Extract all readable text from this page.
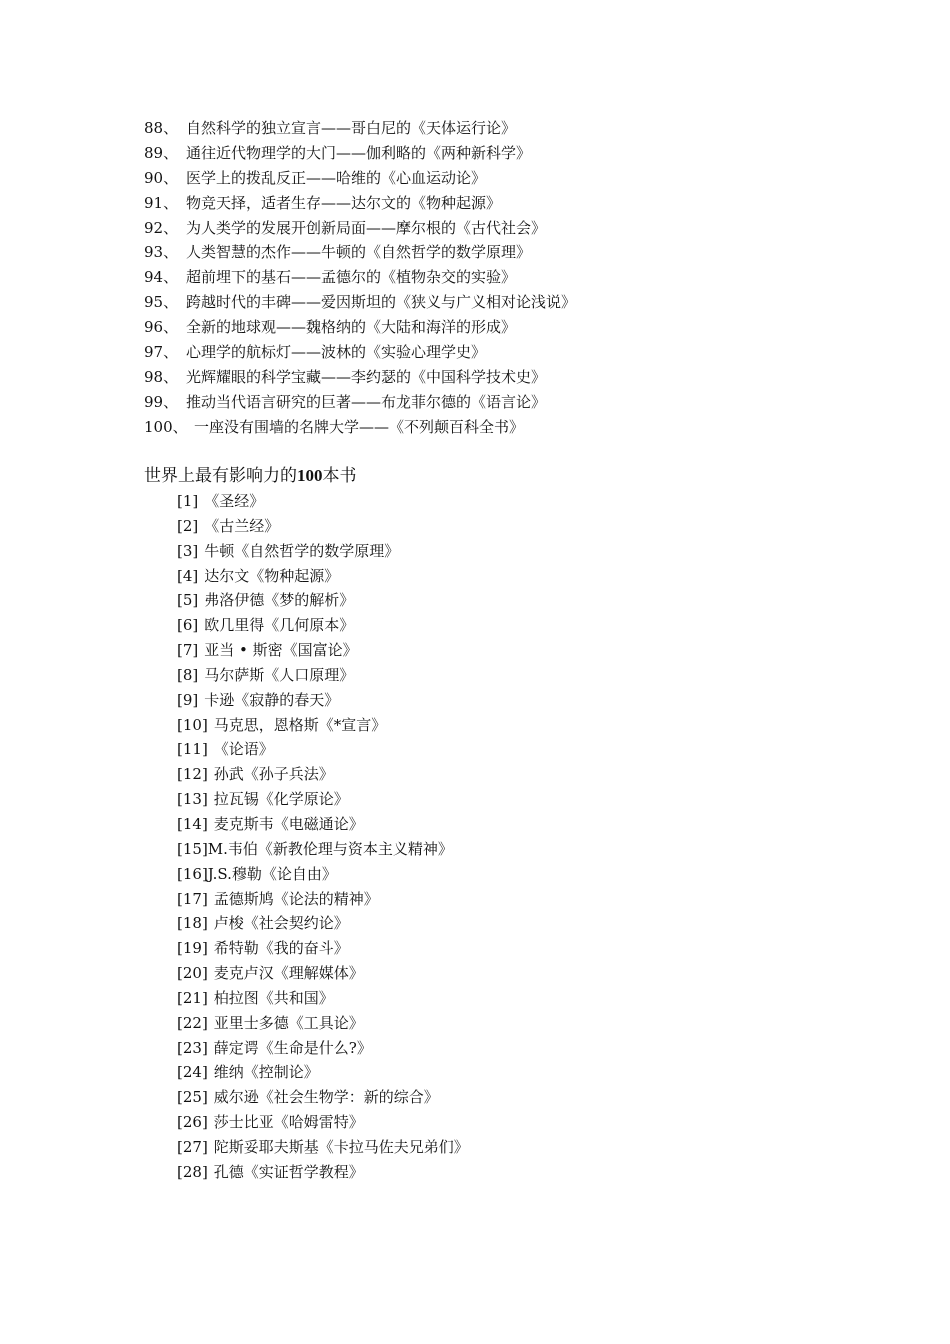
88、 自然科学的独立宣言——哥白尼的《天体运行论》
89、 通往近代物理学的大门——伽利略的《两种新科学》
90、 医学上的拨乱反正——哈维的《心血运动论》
91、 物竞天择，适者生存——达尔文的《物种起源》
92、 为人类学的发展开创新局面——摩尔根的《古代社会》
93、 人类智慧的杰作——牛顿的《自然哲学的数学原理》
94、 超前埋下的基石——孟德尔的《植物杂交的实验》
95、 跨越时代的丰碑——爱因斯坦的《狭义与广义相对论浅说》
96、 全新的地球观——魏格纳的《大陆和海洋的形成》
97、 心理学的航标灯——波林的《实验心理学史》
98、 光辉耀眼的科学宝藏——李约瑟的《中国科学技术史》
99、 推动当代语言研究的巨著——布龙菲尔德的《语言论》
100、 一座没有围墙的名牌大学——《不列颠百科全书》
世界上最有影响力的100本书
[1] 《圣经》
[2] 《古兰经》
[3] 牛顿《自然哲学的数学原理》
[4] 达尔文《物种起源》
[5] 弗洛伊德《梦的解析》
[6] 欧几里得《几何原本》
[7] 亚当 • 斯密《国富论》
[8] 马尔萨斯《人口原理》
[9] 卡逊《寂静的春天》
[10] 马克思，恩格斯《*宣言》
[11] 《论语》
[12] 孙武《孙子兵法》
[13] 拉瓦锡《化学原论》
[14] 麦克斯韦《电磁通论》
[15]M.韦伯《新教伦理与资本主义精神》
[16]J.S.穆勒《论自由》
[17] 孟德斯鸠《论法的精神》
[18] 卢梭《社会契约论》
[19] 希特勒《我的奋斗》
[20] 麦克卢汉《理解媒体》
[21] 柏拉图《共和国》
[22] 亚里士多德《工具论》
[23] 薛定谔《生命是什么?》
[24] 维纳《控制论》
[25] 威尔逊《社会生物学：新的综合》
[26] 莎士比亚《哈姆雷特》
[27] 陀斯妥耶夫斯基《卡拉马佐夫兄弟们》
[28] 孔德《实证哲学教程》
